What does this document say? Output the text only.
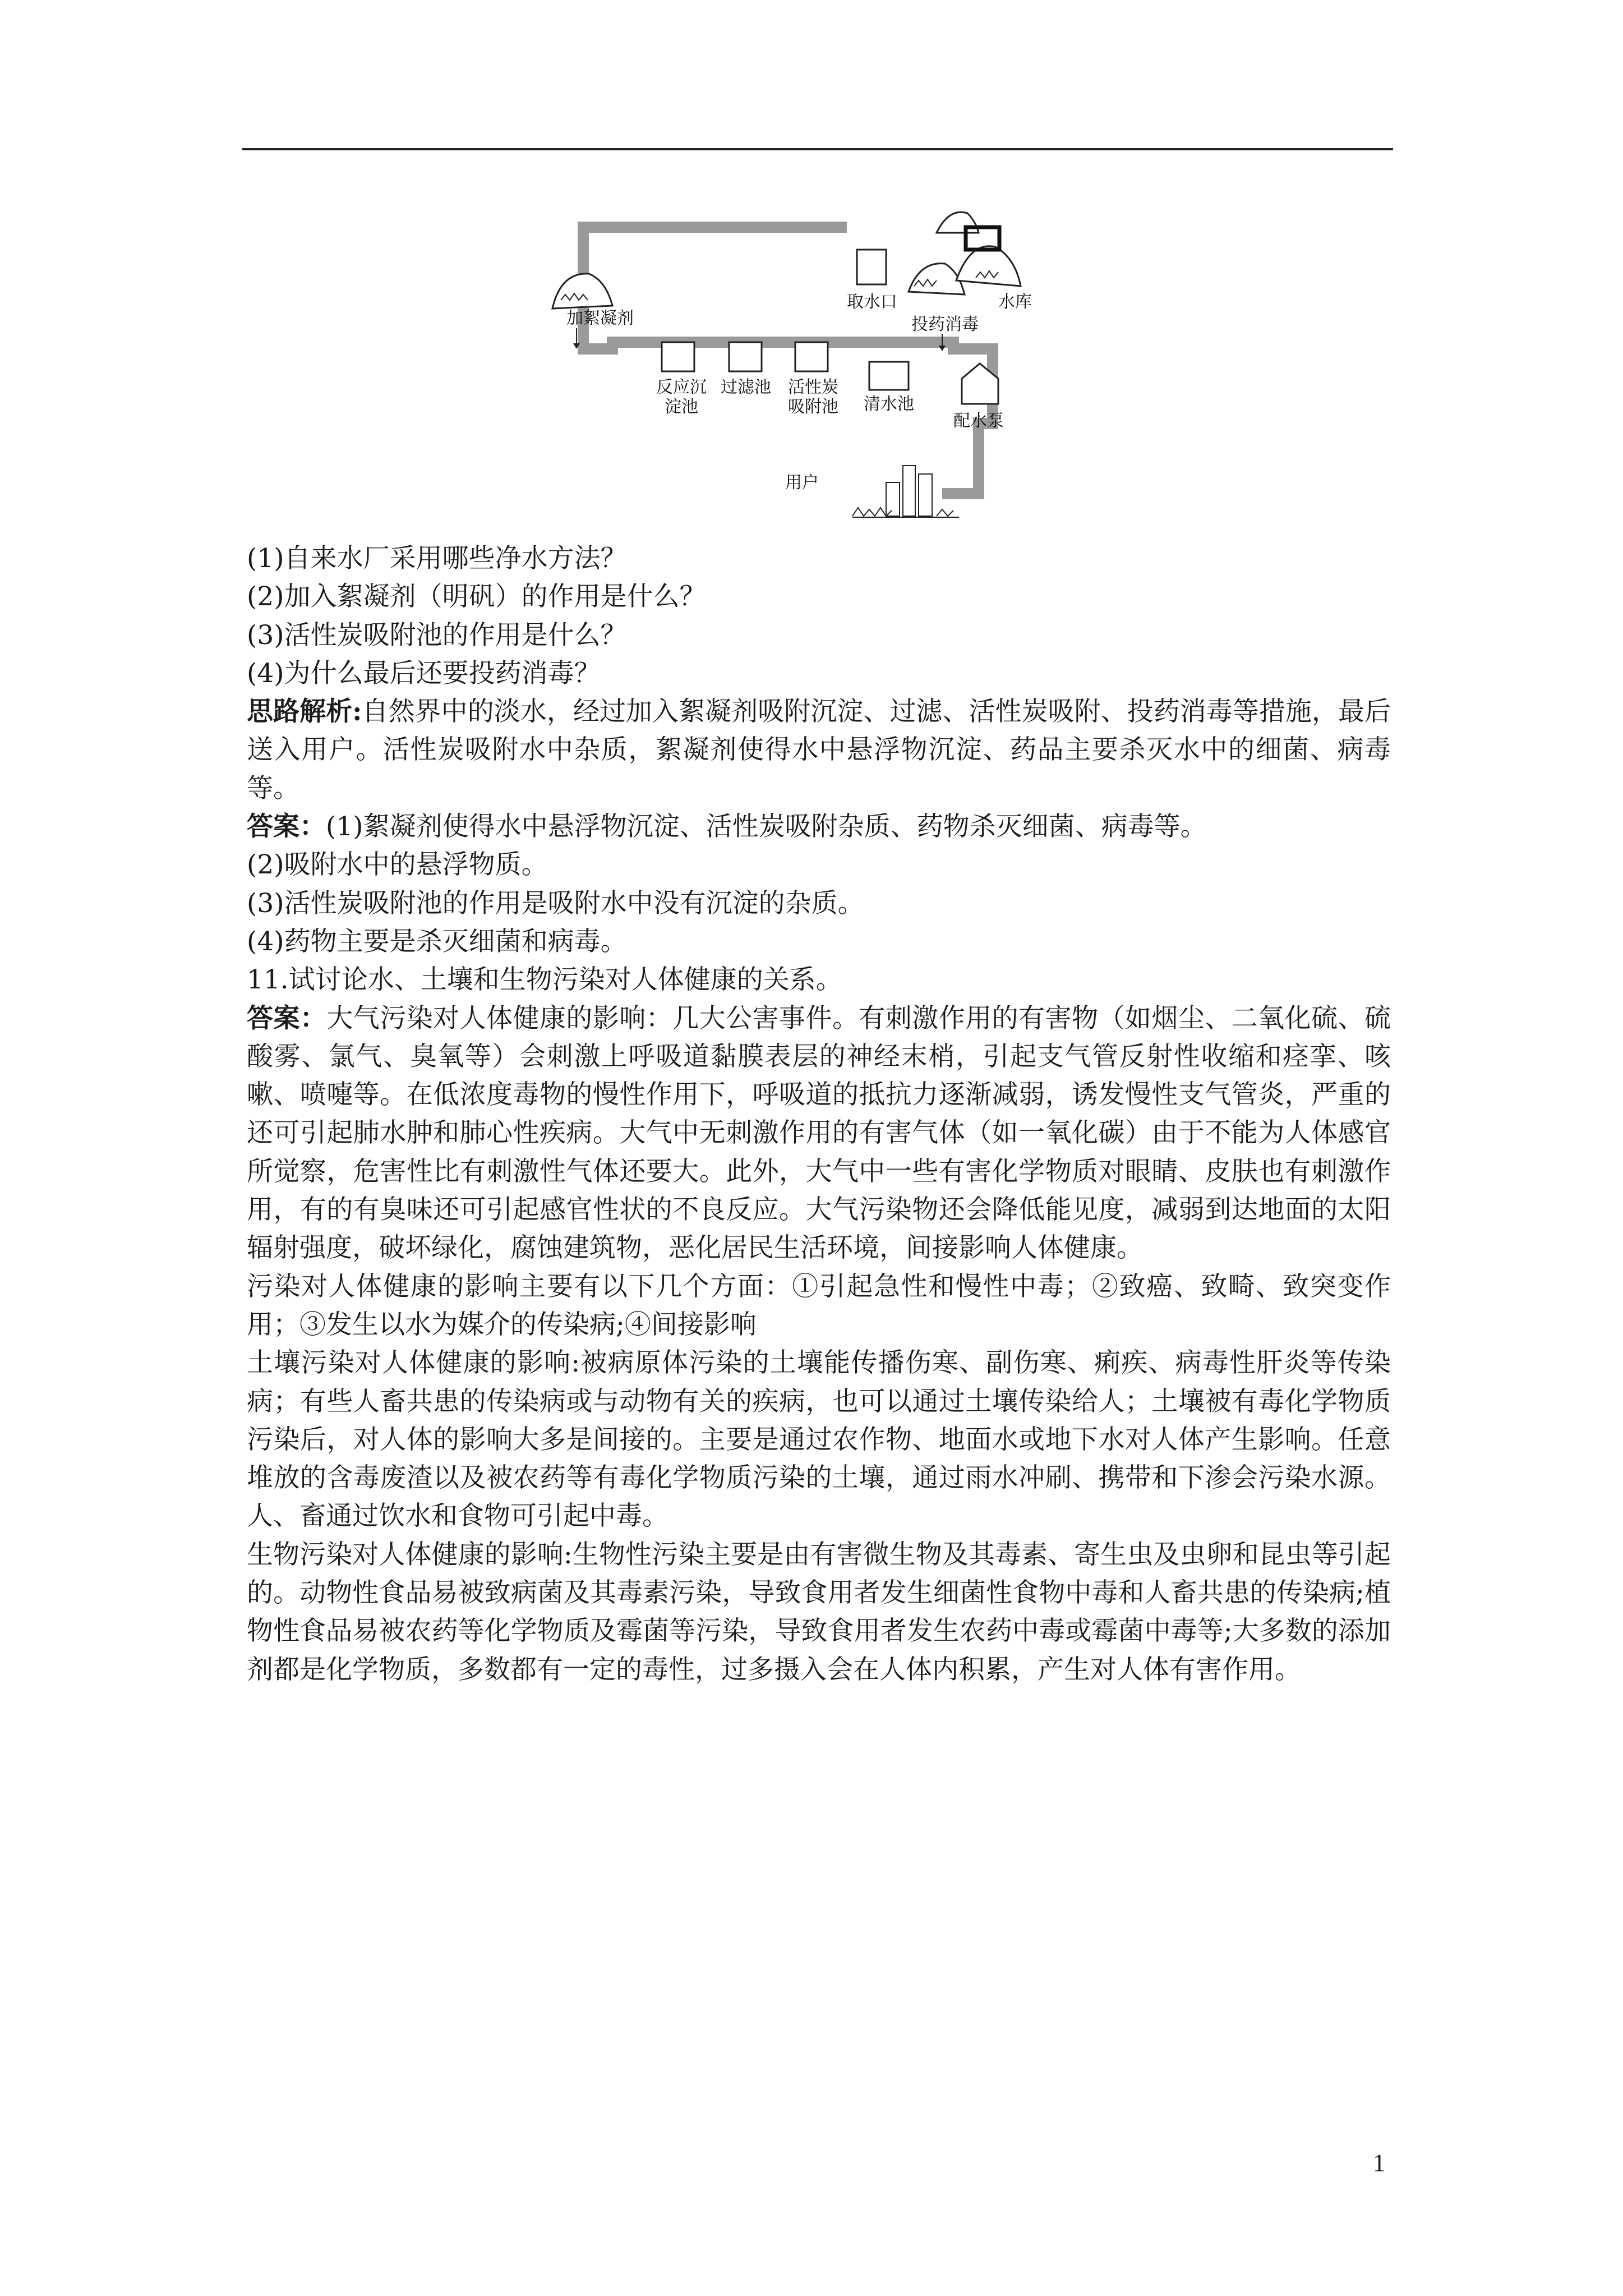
取水口	水库
加絮凝剂	投药消毒
反应沉
淀池
过滤池 活性炭
吸附池 清水池
配水泵
用户

(1)自来水厂采用哪些净水方法？

(2)加入絮凝剂（明矾）的作用是什么？

(3)活性炭吸附池的作用是什么？

(4)为什么最后还要投药消毒？

思路解析:自然界中的淡水，经过加入絮凝剂吸附沉淀、过滤、活性炭吸附、投药消毒等措施，最后送入用户。活性炭吸附水中杂质，絮凝剂使得水中悬浮物沉淀、药品主要杀灭水中的细菌、病毒等。

答案：(1)絮凝剂使得水中悬浮物沉淀、活性炭吸附杂质、药物杀灭细菌、病毒等。

(2)吸附水中的悬浮物质。

(3)活性炭吸附池的作用是吸附水中没有沉淀的杂质。

(4)药物主要是杀灭细菌和病毒。

11.试讨论水、土壤和生物污染对人体健康的关系。

答案：大气污染对人体健康的影响：几大公害事件。有刺激作用的有害物（如烟尘、二氧化硫、硫酸雾、氯气、臭氧等）会刺激上呼吸道黏膜表层的神经末梢，引起支气管反射性收缩和痉挛、咳嗽、喷嚏等。在低浓度毒物的慢性作用下，呼吸道的抵抗力逐渐减弱，诱发慢性支气管炎，严重的还可引起肺水肿和肺心性疾病。大气中无刺激作用的有害气体（如一氧化碳）由于不能为人体感官所觉察，危害性比有刺激性气体还要大。此外，大气中一些有害化学物质对眼睛、皮肤也有刺激作用，有的有臭味还可引起感官性状的不良反应。大气污染物还会降低能见度，减弱到达地面的太阳辐射强度，破坏绿化，腐蚀建筑物，恶化居民生活环境，间接影响人体健康。

污染对人体健康的影响主要有以下几个方面：①引起急性和慢性中毒；②致癌、致畸、致突变作用；③发生以水为媒介的传染病;④间接影响

土壤污染对人体健康的影响:被病原体污染的土壤能传播伤寒、副伤寒、痢疾、病毒性肝炎等传染病；有些人畜共患的传染病或与动物有关的疾病，也可以通过土壤传染给人；土壤被有毒化学物质污染后，对人体的影响大多是间接的。主要是通过农作物、地面水或地下水对人体产生影响。任意堆放的含毒废渣以及被农药等有毒化学物质污染的土壤，通过雨水冲刷、携带和下渗会污染水源。人、畜通过饮水和食物可引起中毒。

生物污染对人体健康的影响:生物性污染主要是由有害微生物及其毒素、寄生虫及虫卵和昆虫等引起的。动物性食品易被致病菌及其毒素污染，导致食用者发生细菌性食物中毒和人畜共患的传染病;植物性食品易被农药等化学物质及霉菌等污染，导致食用者发生农药中毒或霉菌中毒等;大多数的添加剂都是化学物质，多数都有一定的毒性，过多摄入会在人体内积累，产生对人体有害作用。

1
